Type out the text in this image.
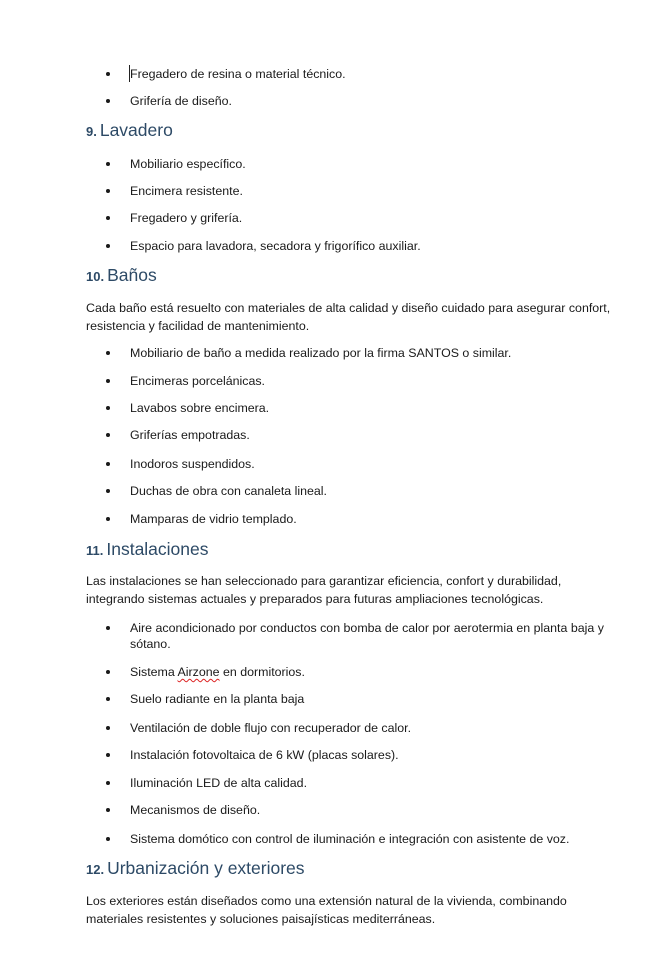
Fregadero de resina o material técnico.
Grifería de diseño.
9. Lavadero
Mobiliario específico.
Encimera resistente.
Fregadero y grifería.
Espacio para lavadora, secadora y frigorífico auxiliar.
10. Baños
Cada baño está resuelto con materiales de alta calidad y diseño cuidado para asegurar confort, resistencia y facilidad de mantenimiento.
Mobiliario de baño a medida realizado por la firma SANTOS o similar.
Encimeras porcelánicas.
Lavabos sobre encimera.
Griferías empotradas.
Inodoros suspendidos.
Duchas de obra con canaleta lineal.
Mamparas de vidrio templado.
11. Instalaciones
Las instalaciones se han seleccionado para garantizar eficiencia, confort y durabilidad, integrando sistemas actuales y preparados para futuras ampliaciones tecnológicas.
Aire acondicionado por conductos con bomba de calor por aerotermia en planta baja y sótano.
Sistema Airzone en dormitorios.
Suelo radiante en la planta baja
Ventilación de doble flujo con recuperador de calor.
Instalación fotovoltaica de 6 kW (placas solares).
Iluminación LED de alta calidad.
Mecanismos de diseño.
Sistema domótico con control de iluminación e integración con asistente de voz.
12. Urbanización y exteriores
Los exteriores están diseñados como una extensión natural de la vivienda, combinando materiales resistentes y soluciones paisajísticas mediterráneas.
